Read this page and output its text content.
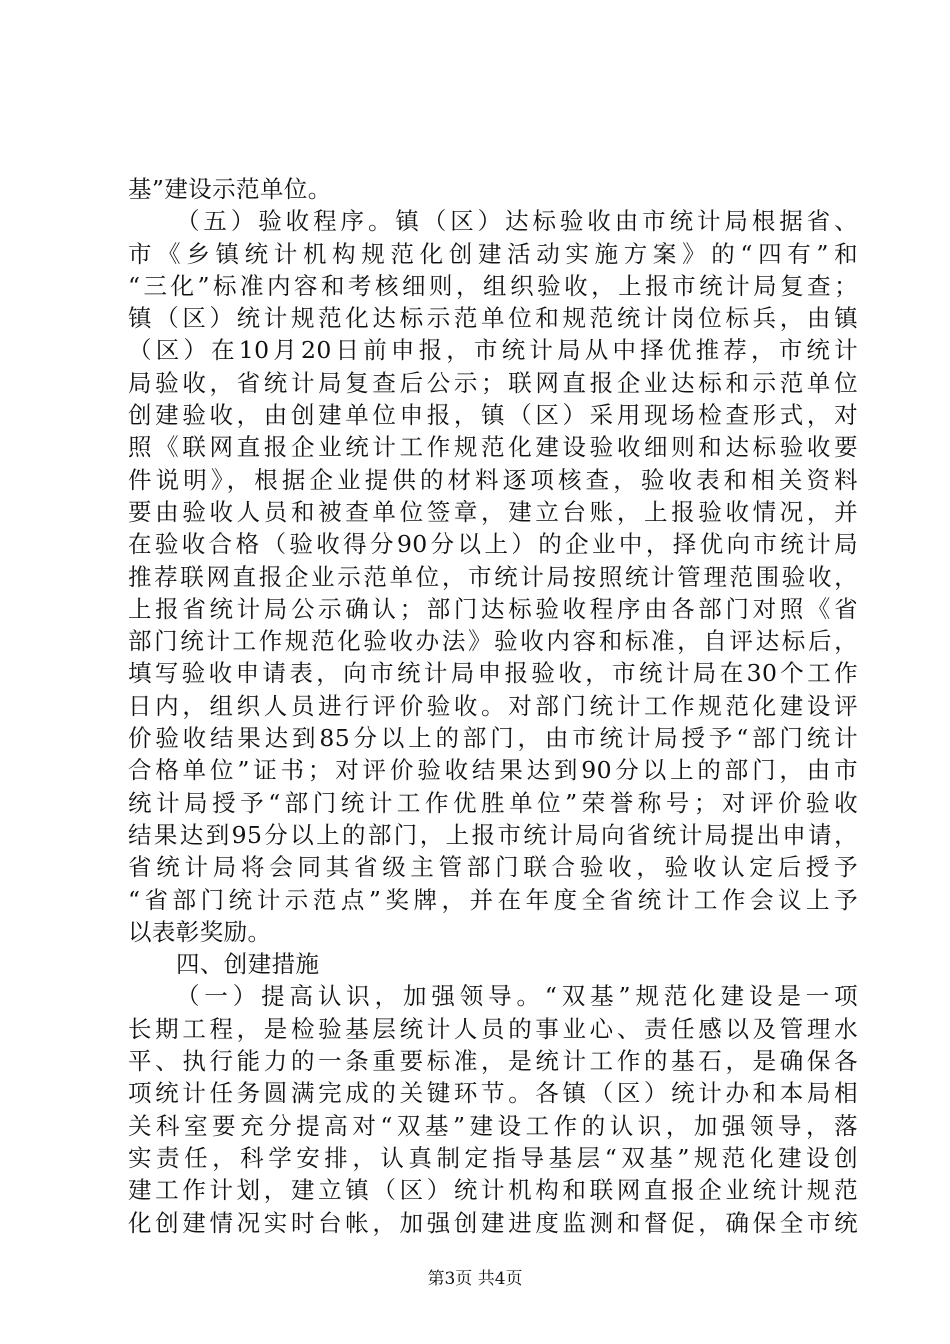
基”建设示范单位。
（五）验收程序。镇（区）达标验收由市统计局根据省、
市《乡镇统计机构规范化创建活动实施方案》的“四有”和
“三化”标准内容和考核细则，组织验收，上报市统计局复查；
镇（区）统计规范化达标示范单位和规范统计岗位标兵，由镇
（区）在10月20日前申报，市统计局从中择优推荐，市统计
局验收，省统计局复查后公示；联网直报企业达标和示范单位
创建验收，由创建单位申报，镇（区）采用现场检查形式，对
照《联网直报企业统计工作规范化建设验收细则和达标验收要
件说明》，根据企业提供的材料逐项核查，验收表和相关资料
要由验收人员和被查单位签章，建立台账，上报验收情况，并
在验收合格（验收得分90分以上）的企业中，择优向市统计局
推荐联网直报企业示范单位，市统计局按照统计管理范围验收，
上报省统计局公示确认；部门达标验收程序由各部门对照《省
部门统计工作规范化验收办法》验收内容和标准，自评达标后，
填写验收申请表，向市统计局申报验收，市统计局在30个工作
日内，组织人员进行评价验收。对部门统计工作规范化建设评
价验收结果达到85分以上的部门，由市统计局授予“部门统计
合格单位”证书；对评价验收结果达到90分以上的部门，由市
统计局授予“部门统计工作优胜单位”荣誉称号；对评价验收
结果达到95分以上的部门，上报市统计局向省统计局提出申请，
省统计局将会同其省级主管部门联合验收，验收认定后授予
“省部门统计示范点”奖牌，并在年度全省统计工作会议上予
以表彰奖励。
四、创建措施
（一）提高认识，加强领导。“双基”规范化建设是一项
长期工程，是检验基层统计人员的事业心、责任感以及管理水
平、执行能力的一条重要标准，是统计工作的基石，是确保各
项统计任务圆满完成的关键环节。各镇（区）统计办和本局相
关科室要充分提高对“双基”建设工作的认识，加强领导，落
实责任，科学安排，认真制定指导基层“双基”规范化建设创
建工作计划，建立镇（区）统计机构和联网直报企业统计规范
化创建情况实时台帐，加强创建进度监测和督促，确保全市统
第3页 共4页
